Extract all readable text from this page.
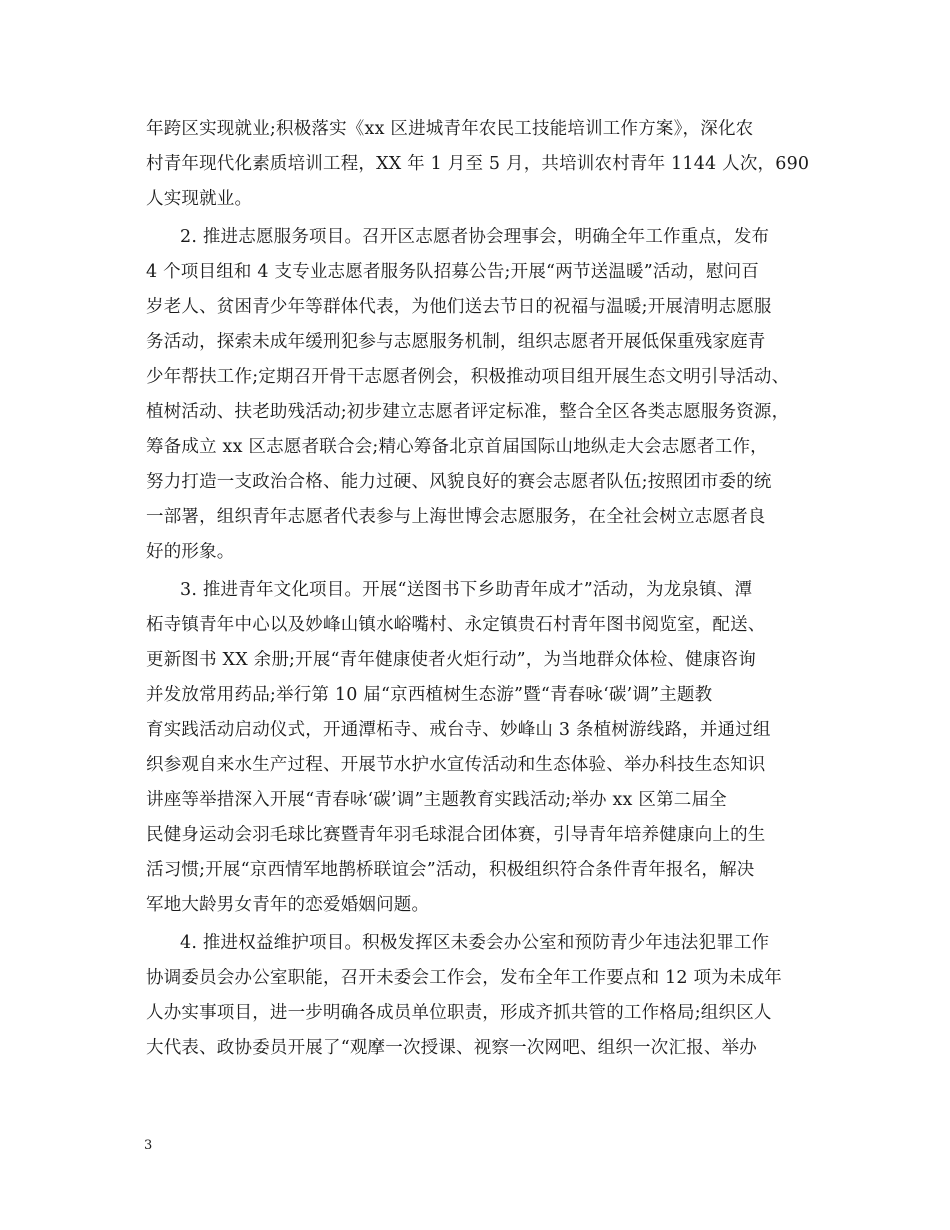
年跨区实现就业;积极落实《xx 区进城青年农民工技能培训工作方案》，深化农
村青年现代化素质培训工程，XX 年 1 月至 5 月，共培训农村青年 1144 人次，690
人实现就业。
2. 推进志愿服务项目。召开区志愿者协会理事会，明确全年工作重点，发布
4 个项目组和 4 支专业志愿者服务队招募公告;开展“两节送温暖”活动，慰问百
岁老人、贫困青少年等群体代表，为他们送去节日的祝福与温暖;开展清明志愿服
务活动，探索未成年缓刑犯参与志愿服务机制，组织志愿者开展低保重残家庭青
少年帮扶工作;定期召开骨干志愿者例会，积极推动项目组开展生态文明引导活动、
植树活动、扶老助残活动;初步建立志愿者评定标准，整合全区各类志愿服务资源，
筹备成立 xx 区志愿者联合会;精心筹备北京首届国际山地纵走大会志愿者工作，
努力打造一支政治合格、能力过硬、风貌良好的赛会志愿者队伍;按照团市委的统
一部署，组织青年志愿者代表参与上海世博会志愿服务，在全社会树立志愿者良
好的形象。
3. 推进青年文化项目。开展“送图书下乡助青年成才”活动，为龙泉镇、潭
柘寺镇青年中心以及妙峰山镇水峪嘴村、永定镇贵石村青年图书阅览室，配送、
更新图书 XX 余册;开展“青年健康使者火炬行动”，为当地群众体检、健康咨询
并发放常用药品;举行第 10 届“京西植树生态游”暨“青春咏‘碳’调”主题教
育实践活动启动仪式，开通潭柘寺、戒台寺、妙峰山 3 条植树游线路，并通过组
织参观自来水生产过程、开展节水护水宣传活动和生态体验、举办科技生态知识
讲座等举措深入开展“青春咏‘碳’调”主题教育实践活动;举办 xx 区第二届全
民健身运动会羽毛球比赛暨青年羽毛球混合团体赛，引导青年培养健康向上的生
活习惯;开展“京西情军地鹊桥联谊会”活动，积极组织符合条件青年报名，解决
军地大龄男女青年的恋爱婚姻问题。
4. 推进权益维护项目。积极发挥区未委会办公室和预防青少年违法犯罪工作
协调委员会办公室职能，召开未委会工作会，发布全年工作要点和 12 项为未成年
人办实事项目，进一步明确各成员单位职责，形成齐抓共管的工作格局;组织区人
大代表、政协委员开展了“观摩一次授课、视察一次网吧、组织一次汇报、举办
3
